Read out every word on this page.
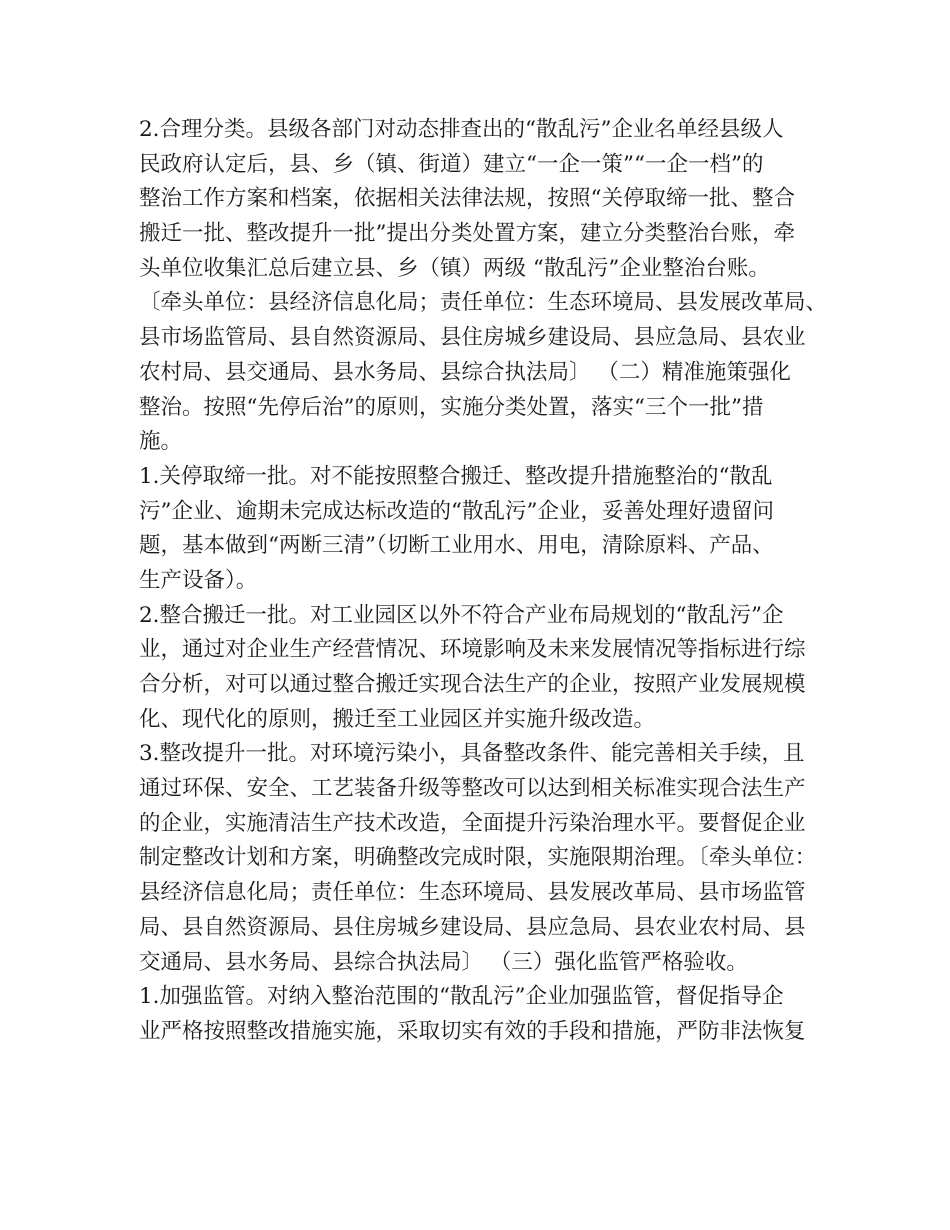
2.合理分类。县级各部门对动态排查出的“散乱污”企业名单经县级人
民政府认定后，县、乡（镇、街道）建立“一企一策”“一企一档”的
整治工作方案和档案，依据相关法律法规，按照“关停取缔一批、整合
搬迁一批、整改提升一批”提出分类处置方案，建立分类整治台账，牵
头单位收集汇总后建立县、乡（镇）两级 “散乱污”企业整治台账。
〔牵头单位：县经济信息化局；责任单位：生态环境局、县发展改革局、
县市场监管局、县自然资源局、县住房城乡建设局、县应急局、县农业
农村局、县交通局、县水务局、县综合执法局〕 （二）精准施策强化
整治。按照“先停后治”的原则，实施分类处置，落实“三个一批”措
施。
1.关停取缔一批。对不能按照整合搬迁、整改提升措施整治的“散乱
污”企业、逾期未完成达标改造的“散乱污”企业，妥善处理好遗留问
题，基本做到“两断三清”（切断工业用水、用电，清除原料、产品、
生产设备）。
2.整合搬迁一批。对工业园区以外不符合产业布局规划的“散乱污”企
业，通过对企业生产经营情况、环境影响及未来发展情况等指标进行综
合分析，对可以通过整合搬迁实现合法生产的企业，按照产业发展规模
化、现代化的原则，搬迁至工业园区并实施升级改造。
3.整改提升一批。对环境污染小，具备整改条件、能完善相关手续，且
通过环保、安全、工艺装备升级等整改可以达到相关标准实现合法生产
的企业，实施清洁生产技术改造，全面提升污染治理水平。要督促企业
制定整改计划和方案，明确整改完成时限，实施限期治理。〔牵头单位：
县经济信息化局；责任单位：生态环境局、县发展改革局、县市场监管
局、县自然资源局、县住房城乡建设局、县应急局、县农业农村局、县
交通局、县水务局、县综合执法局〕 （三）强化监管严格验收。
1.加强监管。对纳入整治范围的“散乱污”企业加强监管，督促指导企
业严格按照整改措施实施，采取切实有效的手段和措施，严防非法恢复
